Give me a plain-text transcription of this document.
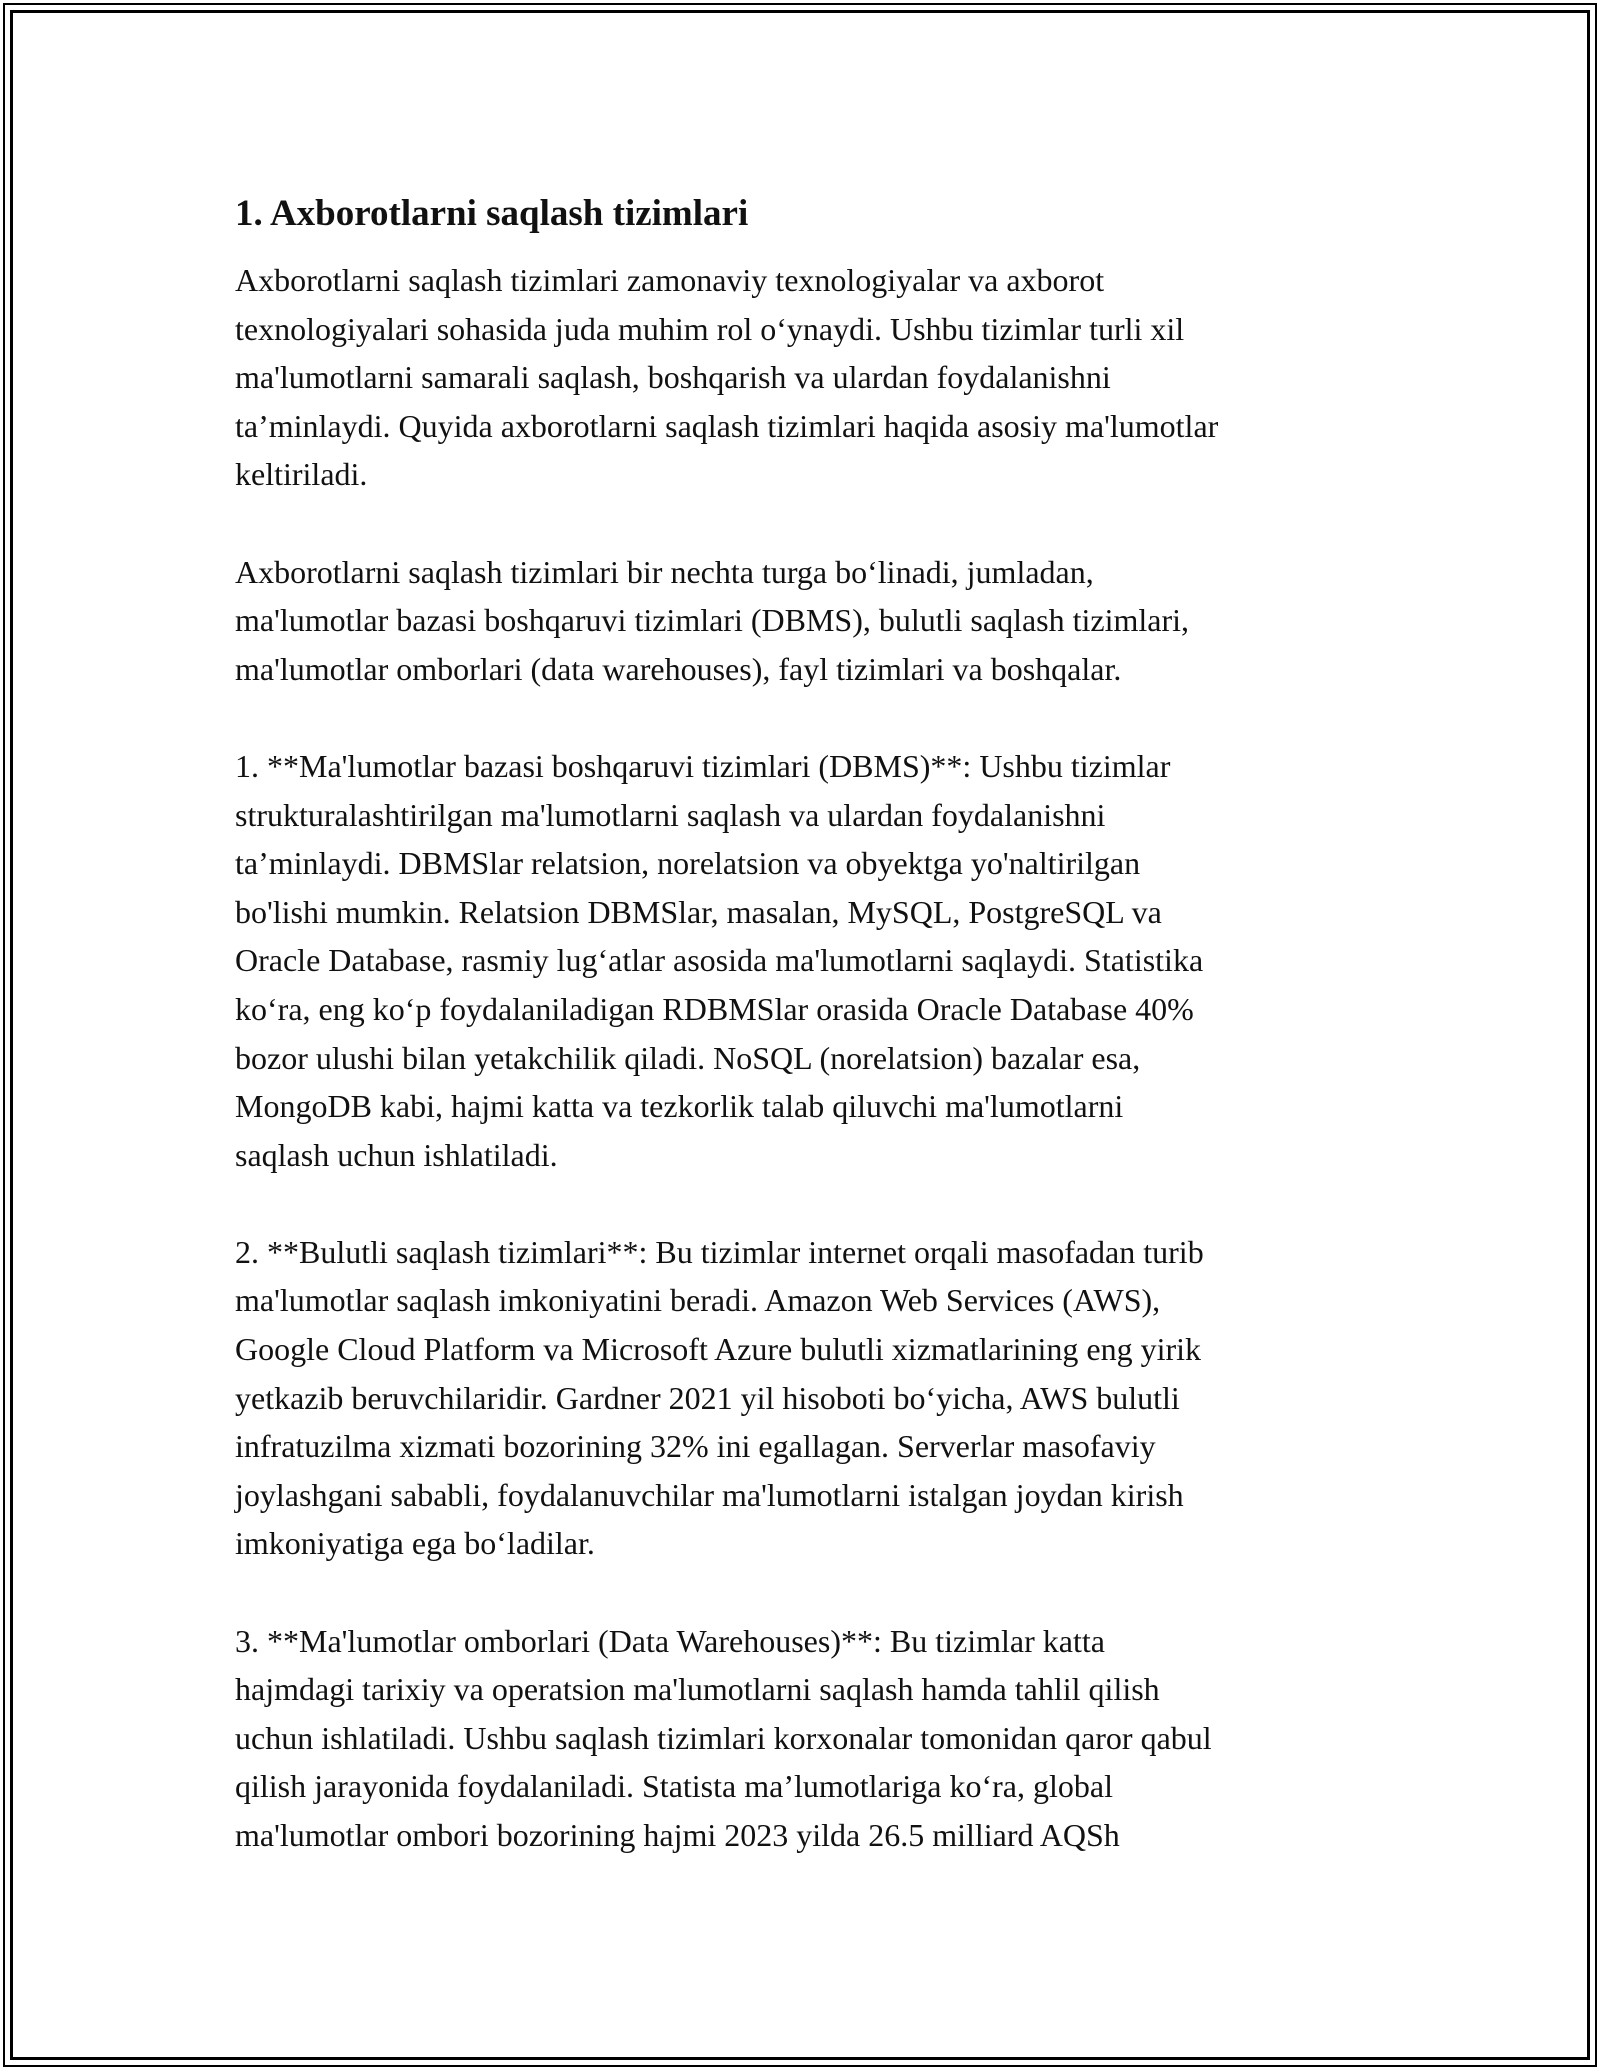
1. Axborotlarni saqlash tizimlari

Axborotlarni saqlash tizimlari zamonaviy texnologiyalar va axborot
texnologiyalari sohasida juda muhim rol oʻynaydi. Ushbu tizimlar turli xil
ma'lumotlarni samarali saqlash, boshqarish va ulardan foydalanishni
taʼminlaydi. Quyida axborotlarni saqlash tizimlari haqida asosiy ma'lumotlar
keltiriladi.

Axborotlarni saqlash tizimlari bir nechta turga boʻlinadi, jumladan,
ma'lumotlar bazasi boshqaruvi tizimlari (DBMS), bulutli saqlash tizimlari,
ma'lumotlar omborlari (data warehouses), fayl tizimlari va boshqalar.

1. **Ma'lumotlar bazasi boshqaruvi tizimlari (DBMS)**: Ushbu tizimlar
strukturalashtirilgan ma'lumotlarni saqlash va ulardan foydalanishni
taʼminlaydi. DBMSlar relatsion, norelatsion va obyektga yo'naltirilgan
bo'lishi mumkin. Relatsion DBMSlar, masalan, MySQL, PostgreSQL va
Oracle Database, rasmiy lugʻatlar asosida ma'lumotlarni saqlaydi. Statistika
koʻra, eng koʻp foydalaniladigan RDBMSlar orasida Oracle Database 40%
bozor ulushi bilan yetakchilik qiladi. NoSQL (norelatsion) bazalar esa,
MongoDB kabi, hajmi katta va tezkorlik talab qiluvchi ma'lumotlarni
saqlash uchun ishlatiladi.

2. **Bulutli saqlash tizimlari**: Bu tizimlar internet orqali masofadan turib
ma'lumotlar saqlash imkoniyatini beradi. Amazon Web Services (AWS),
Google Cloud Platform va Microsoft Azure bulutli xizmatlarining eng yirik
yetkazib beruvchilaridir. Gardner 2021 yil hisoboti boʻyicha, AWS bulutli
infratuzilma xizmati bozorining 32% ini egallagan. Serverlar masofaviy
joylashgani sababli, foydalanuvchilar ma'lumotlarni istalgan joydan kirish
imkoniyatiga ega boʻladilar.

3. **Ma'lumotlar omborlari (Data Warehouses)**: Bu tizimlar katta
hajmdagi tarixiy va operatsion ma'lumotlarni saqlash hamda tahlil qilish
uchun ishlatiladi. Ushbu saqlash tizimlari korxonalar tomonidan qaror qabul
qilish jarayonida foydalaniladi. Statista maʼlumotlariga koʻra, global
ma'lumotlar ombori bozorining hajmi 2023 yilda 26.5 milliard AQSh
